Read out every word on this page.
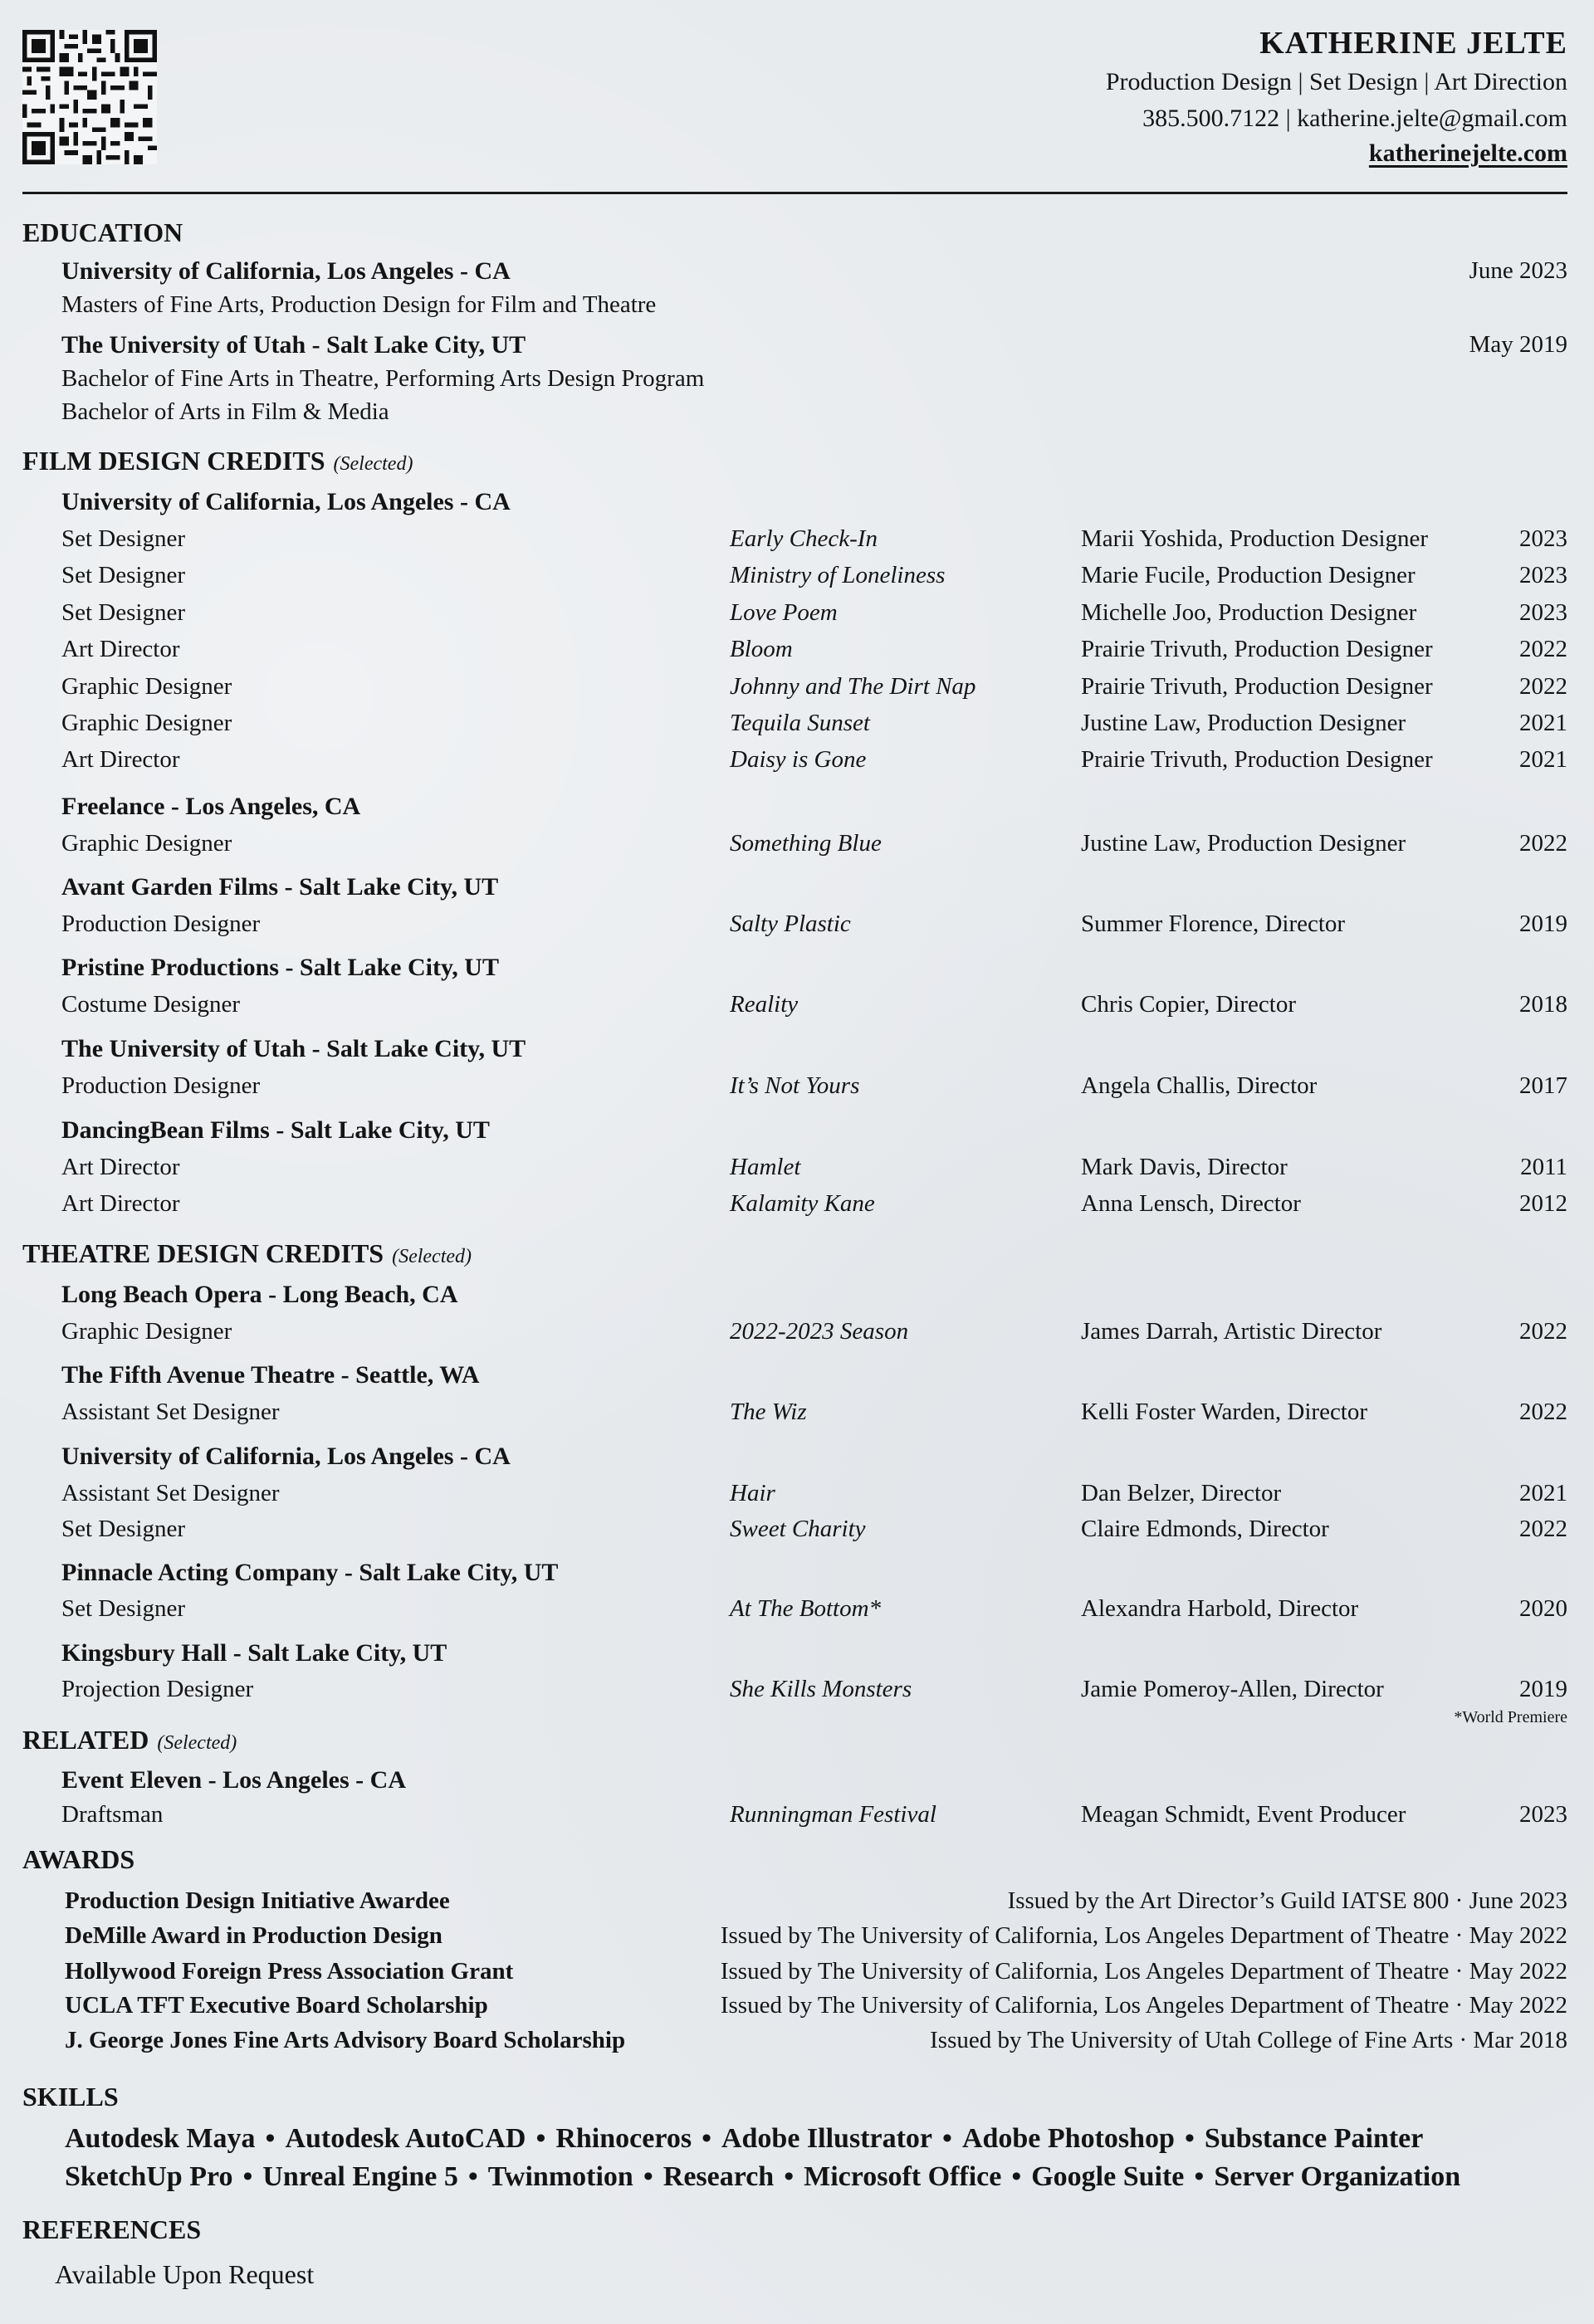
KATHERINE JELTE
Production Design | Set Design | Art Direction
385.500.7122 | katherine.jelte@gmail.com
katherinejelte.com
EDUCATION
University of California, Los Angeles - CA	June 2023
Masters of Fine Arts, Production Design for Film and Theatre
The University of Utah - Salt Lake City, UT	May 2019
Bachelor of Fine Arts in Theatre, Performing Arts Design Program
Bachelor of Arts in Film & Media
FILM DESIGN CREDITS (Selected)
University of California, Los Angeles - CA
Set Designer	Early Check-In	Marii Yoshida, Production Designer	2023
Set Designer	Ministry of Loneliness	Marie Fucile, Production Designer	2023
Set Designer	Love Poem	Michelle Joo, Production Designer	2023
Art Director	Bloom	Prairie Trivuth, Production Designer	2022
Graphic Designer	Johnny and The Dirt Nap	Prairie Trivuth, Production Designer	2022
Graphic Designer	Tequila Sunset	Justine Law, Production Designer	2021
Art Director	Daisy is Gone	Prairie Trivuth, Production Designer	2021
Freelance - Los Angeles, CA
Graphic Designer	Something Blue	Justine Law, Production Designer	2022
Avant Garden Films - Salt Lake City, UT
Production Designer	Salty Plastic	Summer Florence, Director	2019
Pristine Productions - Salt Lake City, UT
Costume Designer	Reality	Chris Copier, Director	2018
The University of Utah - Salt Lake City, UT
Production Designer	It’s Not Yours	Angela Challis, Director	2017
DancingBean Films - Salt Lake City, UT
Art Director	Hamlet	Mark Davis, Director	2011
Art Director	Kalamity Kane	Anna Lensch, Director	2012
THEATRE DESIGN CREDITS (Selected)
Long Beach Opera - Long Beach, CA
Graphic Designer	2022-2023 Season	James Darrah, Artistic Director	2022
The Fifth Avenue Theatre - Seattle, WA
Assistant Set Designer	The Wiz	Kelli Foster Warden, Director	2022
University of California, Los Angeles - CA
Assistant Set Designer	Hair	Dan Belzer, Director	2021
Set Designer	Sweet Charity	Claire Edmonds, Director	2022
Pinnacle Acting Company - Salt Lake City, UT
Set Designer	At The Bottom*	Alexandra Harbold, Director	2020
Kingsbury Hall - Salt Lake City, UT
Projection Designer	She Kills Monsters	Jamie Pomeroy-Allen, Director	2019
*World Premiere
RELATED (Selected)
Event Eleven - Los Angeles - CA
Draftsman	Runningman Festival	Meagan Schmidt, Event Producer	2023
AWARDS
Production Design Initiative Awardee	Issued by the Art Director’s Guild IATSE 800 · June 2023
DeMille Award in Production Design	Issued by The University of California, Los Angeles Department of Theatre · May 2022
Hollywood Foreign Press Association Grant	Issued by The University of California, Los Angeles Department of Theatre · May 2022
UCLA TFT Executive Board Scholarship	Issued by The University of California, Los Angeles Department of Theatre · May 2022
J. George Jones Fine Arts Advisory Board Scholarship	Issued by The University of Utah College of Fine Arts · Mar 2018
SKILLS
Autodesk Maya • Autodesk AutoCAD • Rhinoceros • Adobe Illustrator • Adobe Photoshop • Substance Painter
SketchUp Pro • Unreal Engine 5 • Twinmotion • Research • Microsoft Office • Google Suite • Server Organization
REFERENCES
Available Upon Request
